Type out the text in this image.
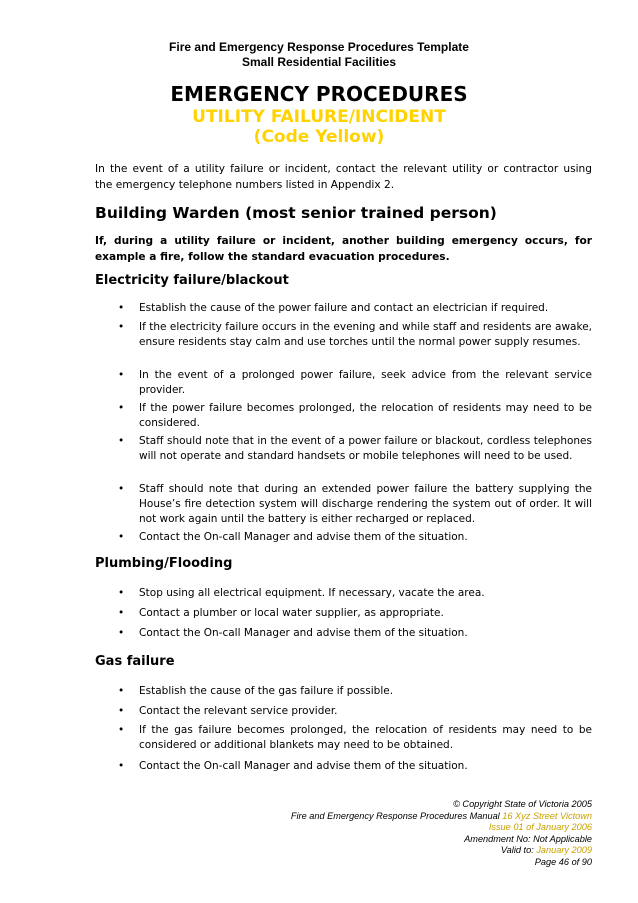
Fire and Emergency Response Procedures Template
Small Residential Facilities
EMERGENCY PROCEDURES
UTILITY FAILURE/INCIDENT
(Code Yellow)
In the event of a utility failure or incident, contact the relevant utility or contractor using
the emergency telephone numbers listed in Appendix 2.
Building Warden (most senior trained person)
If, during a utility failure or incident, another building emergency occurs, for
example a fire, follow the standard evacuation procedures.
Electricity failure/blackout
• Establish the cause of the power failure and contact an electrician if required.
• If the electricity failure occurs in the evening and while staff and residents are awake, ensure residents stay calm and use torches until the normal power supply resumes.
• In the event of a prolonged power failure, seek advice from the relevant service provider.
• If the power failure becomes prolonged, the relocation of residents may need to be considered.
• Staff should note that in the event of a power failure or blackout, cordless telephones will not operate and standard handsets or mobile telephones will need to be used.
• Staff should note that during an extended power failure the battery supplying the House’s fire detection system will discharge rendering the system out of order. It will not work again until the battery is either recharged or replaced.
• Contact the On-call Manager and advise them of the situation.
Plumbing/Flooding
• Stop using all electrical equipment. If necessary, vacate the area.
• Contact a plumber or local water supplier, as appropriate.
• Contact the On-call Manager and advise them of the situation.
Gas failure
• Establish the cause of the gas failure if possible.
• Contact the relevant service provider.
• If the gas failure becomes prolonged, the relocation of residents may need to be considered or additional blankets may need to be obtained.
• Contact the On-call Manager and advise them of the situation.
© Copyright State of Victoria 2005
Fire and Emergency Response Procedures Manual 16 Xyz Street Victown
Issue 01 of January 2006
Amendment No: Not Applicable
Valid to: January 2009
Page 46 of 90
